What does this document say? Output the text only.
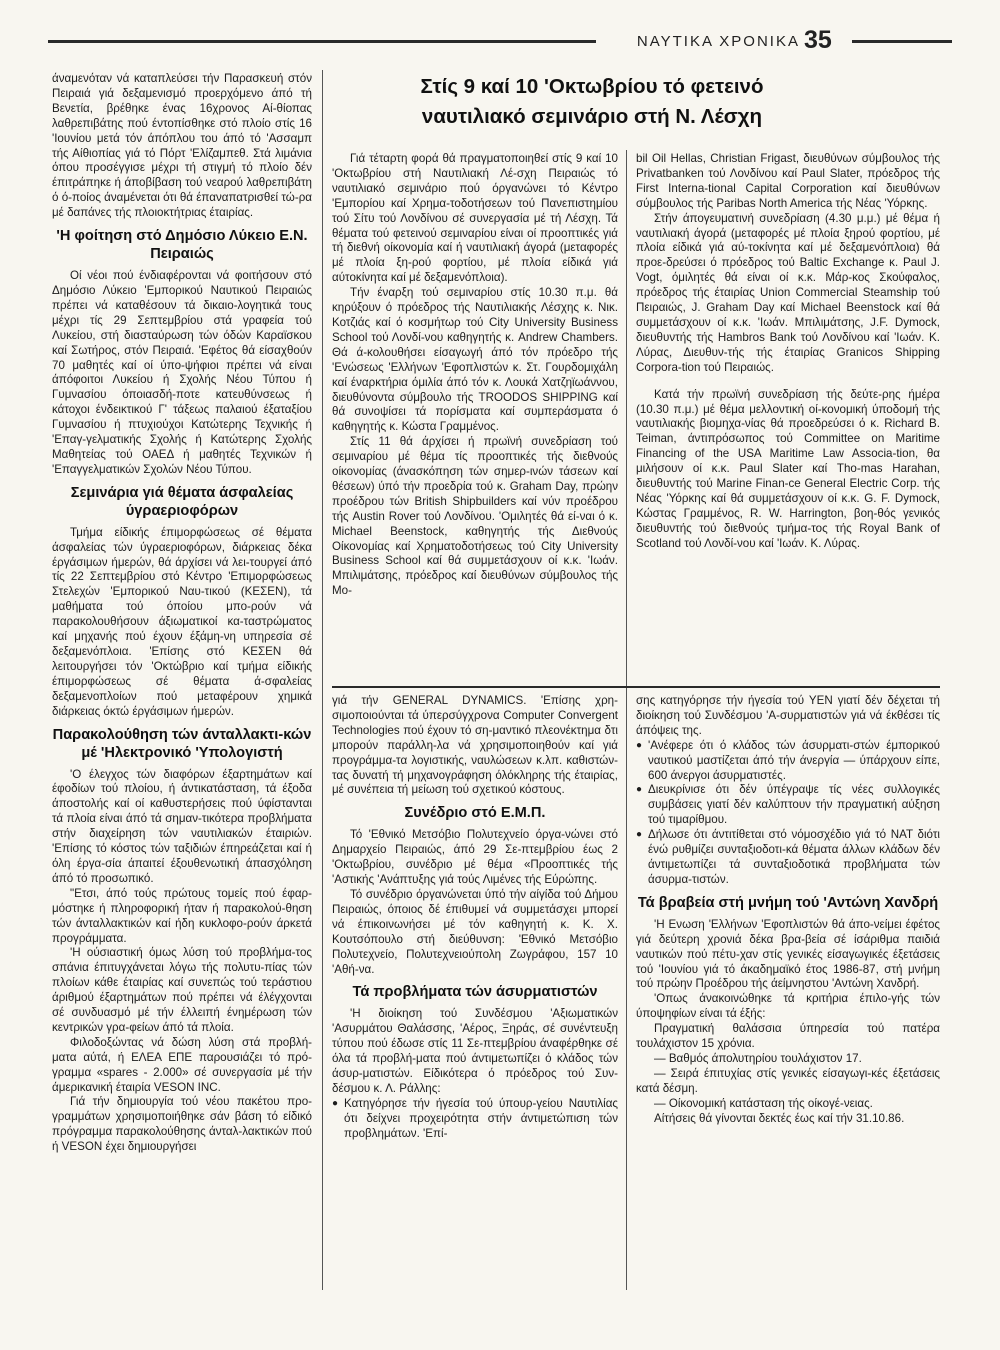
ΝΑΥΤΙΚΑ ΧΡΟΝΙΚΑ 35

άναμενόταν νά καταπλεύσει τήν Παρασκευή στόν Πειραιά γιά δεξαμενισμό προερχόμενο άπό τή Βενετία, βρέθηκε ένας 16χρονος Αί-θίοπας λαθρεπιβάτης πού έντοπίσθηκε στό πλοίο στίς 16 'Ιουνίου μετά τόν άπόπλου του άπό τό 'Ασσαμπ τής Αίθιοπίας γιά τό Πόρτ 'Ελίζαμπεθ. Στά λιμάνια όπου προσέγγισε μέχρι τή στιγμή τό πλοίο δέν έπιτράπηκε ή άποβίβαση τού νεαρού λαθρεπιβάτη ό ό-ποίος άναμένεται ότι θά έπαναπατρισθεί τώ-ρα μέ δαπάνες τής πλοιοκτήτριας έταιρίας.

'Η φοίτηση στό Δημόσιο Λύκειο Ε.Ν. Πειραιώς

Οί νέοι πού ένδιαφέρονται νά φοιτήσουν στό Δημόσιο Λύκειο 'Εμπορικού Ναυτικού Πειραιώς πρέπει νά καταθέσουν τά δικαιο-λογητικά τους μέχρι τίς 29 Σεπτεμβρίου στά γραφεία τού Λυκείου, στή διασταύρωση τών όδών Καραϊσκου καί Σωτήρος, στόν Πειραιά. 'Εφέτος θά είσαχθούν 70 μαθητές καί οί ύπο-ψήφιοι πρέπει νά είναι άπόφοιτοι Λυκείου ή Σχολής Νέου Τύπου ή Γυμνασίου όποιασδή-ποτε κατευθύνσεως ή κάτοχοι ένδεικτικού Γ' τάξεως παλαιού έξαταξίου Γυμνασίου ή πτυχιούχοι Κατώτερης Τεχνικής ή 'Επαγ-γελματικής Σχολής ή Κατώτερης Σχολής Μαθητείας τού ΟΑΕΔ ή μαθητές Τεχνικών ή 'Επαγγελματικών Σχολών Νέου Τύπου.

Σεμινάρια γιά θέματα άσφαλείας ύγραεριοφόρων

Τμήμα είδικής έπιμορφώσεως σέ θέματα άσφαλείας τών ύγραεριοφόρων, διάρκειας δέκα έργάσιμων ήμερών, θά άρχίσει νά λει-τουργεί άπό τίς 22 Σεπτεμβρίου στό Κέντρο 'Επιμορφώσεως Στελεχών 'Εμπορικού Ναυ-τικού (ΚΕΣΕΝ), τά μαθήματα τού όποίου μπο-ρούν νά παρακολουθήσουν άξιωματικοί κα-ταστρώματος καί μηχανής πού έχουν έξάμη-νη υπηρεσία σέ δεξαμενόπλοια. 'Επίσης στό ΚΕΣΕΝ θά λειτουργήσει τόν 'Οκτώβριο καί τμήμα είδικής έπιμορφώσεως σέ θέματα ά-σφαλείας δεξαμενοπλοίων πού μεταφέρουν χημικά διάρκειας όκτώ έργάσιμων ήμερών.

Παρακολούθηση τών άνταλλακτι-κών μέ 'Ηλεκτρονικό 'Υπολογιστή

'Ο έλεγχος τών διαφόρων έξαρτημάτων καί έφοδίων τού πλοίου, ή άντικατάσταση, τά έξοδα άποστολής καί οί καθυστερήσεις πού ύφίστανται τά πλοία είναι άπό τά σημαν-τικότερα προβλήματα στήν διαχείρηση τών ναυτιλιακών έταιριών. 'Επίσης τό κόστος τών ταξιδιών έπηρεάζεται καί ή όλη έργα-σία άπαιτεί έξουθενωτική άπασχόληση άπό τό προσωπικό.

"Ετσι, άπό τούς πρώτους τομείς πού έφαρ-μόστηκε ή πληροφορική ήταν ή παρακολού-θηση τών άνταλλακτικών καί ήδη κυκλοφο-ρούν άρκετά προγράμματα.

'Η ούσιαστική όμως λύση τού προβλήμα-τος σπάνια έπιτυγχάνεται λόγω τής πολυτυ-πίας τών πλοίων κάθε έταιρίας καί συνεπώς τού τεράστιου άριθμού έξαρτημάτων πού πρέπει νά έλέγχονται σέ συνδυασμό μέ τήν έλλειπή ένημέρωση τών κεντρικών γρα-φείων άπό τά πλοία.

Φιλοδοξώντας νά δώση λύση στά προβλή-ματα αύτά, ή ΕΛΕΑ ΕΠΕ παρουσιάζει τό πρό-γραμμα «spares - 2.000» σέ συνεργασία μέ τήν άμερικανική έταιρία VESON INC.

Γιά τήν δημιουργία τού νέου πακέτου προ-γραμμάτων χρησιμοποιήθηκε σάν βάση τό είδικό πρόγραμμα παρακολούθησης άνταλ-λακτικών πού ή VESON έχει δημιουργήσει

Στίς 9 καί 10 'Οκτωβρίου τό φετεινό
ναυτιλιακό σεμινάριο στή Ν. Λέσχη

Γιά τέταρτη φορά θά πραγματοποιηθεί στίς 9 καί 10 'Οκτωβρίου στή Ναυτιλιακή Λέ-σχη Πειραιώς τό ναυτιλιακό σεμινάριο πού όργανώνει τό Κέντρο 'Εμπορίου καί Χρημα-τοδοτήσεων τού Πανεπιστημίου τού Σίτυ τού Λονδίνου σέ συνεργασία μέ τή Λέσχη. Τά θέματα τού φετεινού σεμιναρίου είναι οί προοπτικές γιά τή διεθνή οίκονομία καί ή ναυτιλιακή άγορά (μεταφορές μέ πλοία ξη-ρού φορτίου, μέ πλοία είδικά γιά αύτοκίνητα καί μέ δεξαμενόπλοια).

Τήν έναρξη τού σεμιναρίου στίς 10.30 π.μ. θά κηρύξουν ό πρόεδρος τής Ναυτιλιακής Λέσχης κ. Νικ. Κοτζιάς καί ό κοσμήτωρ τού City University Business School τού Λονδί-νου καθηγητής κ. Andrew Chambers. Θά ά-κολουθήσει είσαγωγή άπό τόν πρόεδρο τής 'Ενώσεως 'Ελλήνων 'Εφοπλιστών κ. Στ. Γουρδομιχάλη καί έναρκτήρια όμιλία άπό τόν κ. Λουκά Χατζηϊωάννου, διευθύνοντα σύμβουλο τής TROODOS SHIPPING καί θά συνοψίσει τά πορίσματα καί συμπεράσματα ό καθηγητής κ. Κώστα Γραμμένος.

Στίς 11 θά άρχίσει ή πρωϊνή συνεδρίαση τού σεμιναρίου μέ θέμα τίς προοπτικές τής διεθνούς οίκονομίας (άνασκόπηση τών σημερ-ινών τάσεων καί θέσεων) ύπό τήν προεδρία τού κ. Graham Day, πρώην προέδρου τών British Shipbuilders καί νύν προέδρου τής Austin Rover τού Λονδίνου. 'Ομιλητές θά εί-ναι ό κ. Michael Beenstock, καθηγητής τής Διεθνούς Οίκονομίας καί Χρηματοδοτήσεως τού City University Business School καί θά συμμετάσχουν οί κ.κ. 'Ιωάν. Μπιλιμάτσης, πρόεδρος καί διευθύνων σύμβουλος τής Μο-

bil Oil Hellas, Christian Frigast, διευθύνων σύμβουλος τής Privatbanken τού Λονδίνου καί Paul Slater, πρόεδρος τής First Interna-tional Capital Corporation καί διευθύνων σύμβουλος τής Paribas North America τής Νέας 'Υόρκης.

Στήν άπογευματινή συνεδρίαση (4.30 μ.μ.) μέ θέμα ή ναυτιλιακή άγορά (μεταφορές μέ πλοία ξηρού φορτίου, μέ πλοία είδικά γιά αύ-τοκίνητα καί μέ δεξαμενόπλοια) θά προε-δρεύσει ό πρόεδρος τού Baltic Exchange κ. Paul J. Vogt, όμιλητές θά είναι οί κ.κ. Μάρ-κος Σκούφαλος, πρόεδρος τής έταιρίας Union Commercial Steamship τού Πειραιώς, J. Graham Day καί Michael Beenstock καί θά συμμετάσχουν οί κ.κ. 'Ιωάν. Μπιλιμάτσης, J.F. Dymock, διευθυντής τής Hambros Bank τού Λονδίνου καί 'Ιωάν. Κ. Λύρας, Διευθυν-τής τής έταιρίας Granicos Shipping Corpora-tion τού Πειραιώς.

Κατά τήν πρωϊνή συνεδρίαση τής δεύτε-ρης ήμέρα (10.30 π.μ.) μέ θέμα μελλοντική οί-κονομική ύποδομή τής ναυτιλιακής βιομηχα-νίας θά προεδρεύσει ό κ. Richard B. Teiman, άντιπρόσωπος τού Committee on Maritime Financing of the USA Maritime Law Associa-tion, θα μιλήσουν οί κ.κ. Paul Slater καί Tho-mas Harahan, διευθυντής τού Marine Finan-ce General Electric Corp. τής Νέας 'Υόρκης καί θά συμμετάσχουν οί κ.κ. G. F. Dymock, Κώστας Γραμμένος, R. W. Harrington, βοη-θός γενικός διευθυντής τού διεθνούς τμήμα-τος τής Royal Bank of Scotland τού Λονδί-νου καί 'Ιωάν. Κ. Λύρας.

γιά τήν GENERAL DYNAMICS. 'Επίσης χρη-σιμοποιούνται τά ύπερσύγχρονα Computer Convergent Technologies πού έχουν τό ση-μαντικό πλεονέκτημα δτι μπορούν παράλλη-λα νά χρησιμοποιηθούν καί γιά προγράμμα-τα λογιστικής, ναυλώσεων κ.λπ. καθιστών-τας δυνατή τή μηχανογράφηση όλόκληρης τής έταιρίας, μέ συνέπεια τή μείωση τού σχετικού κόστους.

Συνέδριο στό Ε.Μ.Π.

Τό 'Εθνικό Μετσόβιο Πολυτεχνείο όργα-νώνει στό Δημαρχείο Πειραιώς, άπό 29 Σε-πτεμβρίου έως 2 'Οκτωβρίου, συνέδριο μέ θέμα «Προοπτικές τής 'Αστικής 'Ανάπτυξης γιά τούς Λιμένες τής Εύρώπης.

Τό συνέδριο όργανώνεται ύπό τήν αίγίδα τού Δήμου Πειραιώς, όποιος δέ έπιθυμεί νά συμμετάσχει μπορεί νά έπικοινωνήσει μέ τόν καθηγητή κ. Κ. Χ. Κουτσόπουλο στή διεύθυνση: 'Εθνικό Μετσόβιο Πολυτεχνείο, Πολυτεχνειούπολη Ζωγράφου, 157 10 'Αθή-να.

Τά προβλήματα τών άσυρματιστών

'Η διοίκηση τού Συνδέσμου 'Αξιωματικών 'Ασυρμάτου Θαλάσσης, 'Αέρος, Ξηράς, σέ συνέντευξη τύπου πού έδωσε στίς 11 Σε-πτεμβρίου άναφέρθηκε σέ όλα τά προβλή-ματα πού άντιμετωπίζει ό κλάδος τών άσυρ-ματιστών. Είδικότερα ό πρόεδρος τού Συν-δέσμου κ. Λ. Ράλλης:

● Κατηγόρησε τήν ήγεσία τού ύπουρ-γείου Ναυτιλίας ότι δείχνει προχειρότητα στήν άντιμετώπιση τών προβλημάτων. 'Επί-

σης κατηγόρησε τήν ήγεσία τού ΥΕΝ γιατί δέν δέχεται τή διοίκηση τού Συνδέσμου 'Α-συρματιστών γιά νά έκθέσει τίς άπόψεις της.

● 'Ανέφερε ότι ό κλάδος τών άσυρματι-στών έμπορικού ναυτικού μαστίζεται άπό τήν άνεργία — ύπάρχουν είπε, 600 άνεργοι άσυρματιστές.
● Διευκρίνισε ότι δέν ύπέγραψε τίς νέες συλλογικές συμβάσεις γιατί δέν καλύπτουν τήν πραγματική αύξηση τού τιμαρίθμου.
● Δήλωσε ότι άντιτίθεται στό νόμοσχέδιο γιά τό ΝΑΤ διότι ένώ ρυθμίζει συνταξιοδοτι-κά θέματα άλλων κλάδων δέν άντιμετωπίζει τά συνταξιοδοτικά προβλήματα τών άσυρμα-τιστών.
Τά βραβεία στή μνήμη τού 'Αντώνη Χανδρή

'Η Ενωση 'Ελλήνων 'Εφοπλιστών θά άπο-νείμει έφέτος γιά δεύτερη χρονιά δέκα βρα-βεία σέ ίσάριθμα παιδιά ναυτικών πού πέτυ-χαν στίς γενικές είσαγωγικές έξετάσεις τού 'Ιουνίου γιά τό άκαδημαϊκό έτος 1986-87, στή μνήμη τού πρώην Προέδρου τής άείμνηστου 'Αντώνη Χανδρή.

'Οπως άνακοινώθηκε τά κριτήρια έπιλο-γής τών ύποψηφίων είναι τά έξής:

Πραγματική θαλάσσια ύπηρεσία τού πατέρα τουλάχιστον 15 χρόνια.

— Βαθμός άπολυτηρίου τουλάχιστον 17.

— Σειρά έπιτυχίας στίς γενικές είσαγωγι-κές έξετάσεις κατά δέσμη.

— Οίκονομική κατάσταση τής οίκογέ-νειας.

Αίτήσεις θά γίνονται δεκτές έως καί τήν 31.10.86.
